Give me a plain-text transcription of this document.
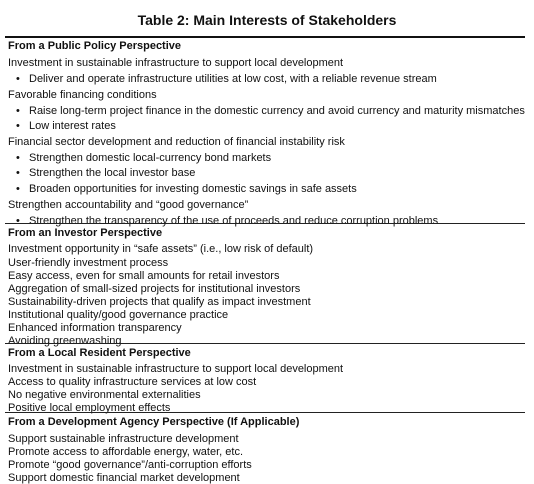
Table 2: Main Interests of Stakeholders
From a Public Policy Perspective
Investment in sustainable infrastructure to support local development
• Deliver and operate infrastructure utilities at low cost, with a reliable revenue stream
Favorable financing conditions
• Raise long-term project finance in the domestic currency and avoid currency and maturity mismatches
• Low interest rates
Financial sector development and reduction of financial instability risk
• Strengthen domestic local-currency bond markets
• Strengthen the local investor base
• Broaden opportunities for investing domestic savings in safe assets
Strengthen accountability and “good governance”
• Strengthen the transparency of the use of proceeds and reduce corruption problems
From an Investor Perspective
Investment opportunity in “safe assets” (i.e., low risk of default)
User-friendly investment process
Easy access, even for small amounts for retail investors
Aggregation of small-sized projects for institutional investors
Sustainability-driven projects that qualify as impact investment
Institutional quality/good governance practice
Enhanced information transparency
Avoiding greenwashing
From a Local Resident Perspective
Investment in sustainable infrastructure to support local development
Access to quality infrastructure services at low cost
No negative environmental externalities
Positive local employment effects
From a Development Agency Perspective (If Applicable)
Support sustainable infrastructure development
Promote access to affordable energy, water, etc.
Promote “good governance”/anti-corruption efforts
Support domestic financial market development
